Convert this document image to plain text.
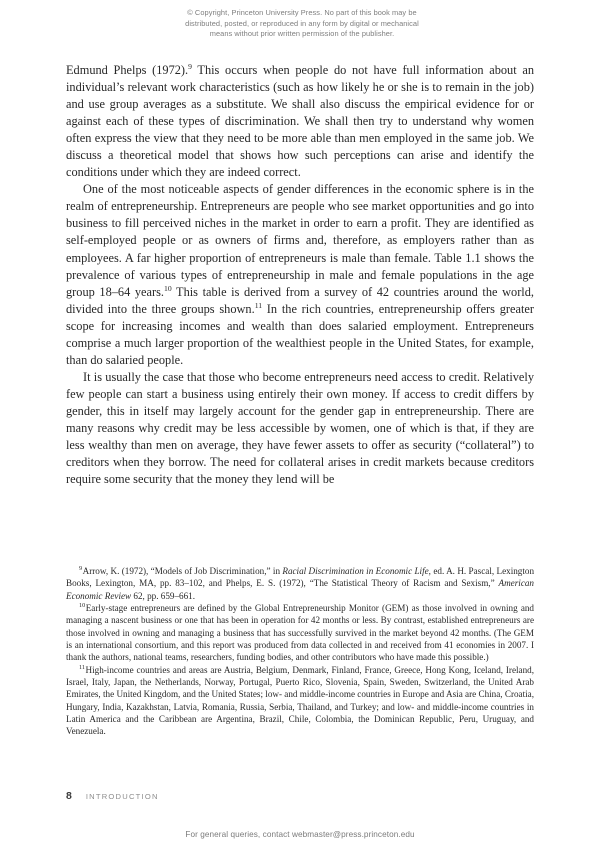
© Copyright, Princeton University Press. No part of this book may be
distributed, posted, or reproduced in any form by digital or mechanical
means without prior written permission of the publisher.

Edmund Phelps (1972).$^9$ This occurs when people do not have full information about an individual’s relevant work characteristics (such as how likely he or she is to remain in the job) and use group averages as a substitute. We shall also discuss the empirical evidence for or against each of these types of discrimination. We shall then try to understand why women often express the view that they need to be more able than men employed in the same job. We discuss a theoretical model that shows how such perceptions can arise and identify the conditions under which they are indeed correct.

One of the most noticeable aspects of gender differences in the economic sphere is in the realm of entrepreneurship. Entrepreneurs are people who see market opportunities and go into business to fill perceived niches in the market in order to earn a profit. They are identified as self-employed people or as owners of firms and, therefore, as employers rather than as employees. A far higher proportion of entrepreneurs is male than female. Table 1.1 shows the prevalence of various types of entrepreneurship in male and female populations in the age group 18–64 years.$^{10}$ This table is derived from a survey of 42 countries around the world, divided into the three groups shown.$^{11}$ In the rich countries, entrepreneurship offers greater scope for increasing incomes and wealth than does salaried employment. Entrepreneurs comprise a much larger proportion of the wealthiest people in the United States, for example, than do salaried people.

It is usually the case that those who become entrepreneurs need access to credit. Relatively few people can start a business using entirely their own money. If access to credit differs by gender, this in itself may largely account for the gender gap in entrepreneurship. There are many reasons why credit may be less accessible by women, one of which is that, if they are less wealthy than men on average, they have fewer assets to offer as security (“collateral”) to creditors when they borrow. The need for collateral arises in credit markets because creditors require some security that the money they lend will be

$^9$Arrow, K. (1972), “Models of Job Discrimination,” in Racial Discrimination in Economic Life, ed. A. H. Pascal, Lexington Books, Lexington, MA, pp. 83–102, and Phelps, E. S. (1972), “The Statistical Theory of Racism and Sexism,” American Economic Review 62, pp. 659–661.

$^{10}$Early-stage entrepreneurs are defined by the Global Entrepreneurship Monitor (GEM) as those involved in owning and managing a nascent business or one that has been in operation for 42 months or less. By contrast, established entrepreneurs are those involved in owning and managing a business that has successfully survived in the market beyond 42 months. (The GEM is an international consortium, and this report was produced from data collected in and received from 41 economies in 2007. I thank the authors, national teams, researchers, funding bodies, and other contributors who have made this possible.)

$^{11}$High-income countries and areas are Austria, Belgium, Denmark, Finland, France, Greece, Hong Kong, Iceland, Ireland, Israel, Italy, Japan, the Netherlands, Norway, Portugal, Puerto Rico, Slovenia, Spain, Sweden, Switzerland, the United Arab Emirates, the United Kingdom, and the United States; low- and middle-income countries in Europe and Asia are China, Croatia, Hungary, India, Kazakhstan, Latvia, Romania, Russia, Serbia, Thailand, and Turkey; and low- and middle-income countries in Latin America and the Caribbean are Argentina, Brazil, Chile, Colombia, the Dominican Republic, Peru, Uruguay, and Venezuela.

8 INTRODUCTION
For general queries, contact webmaster@press.princeton.edu
